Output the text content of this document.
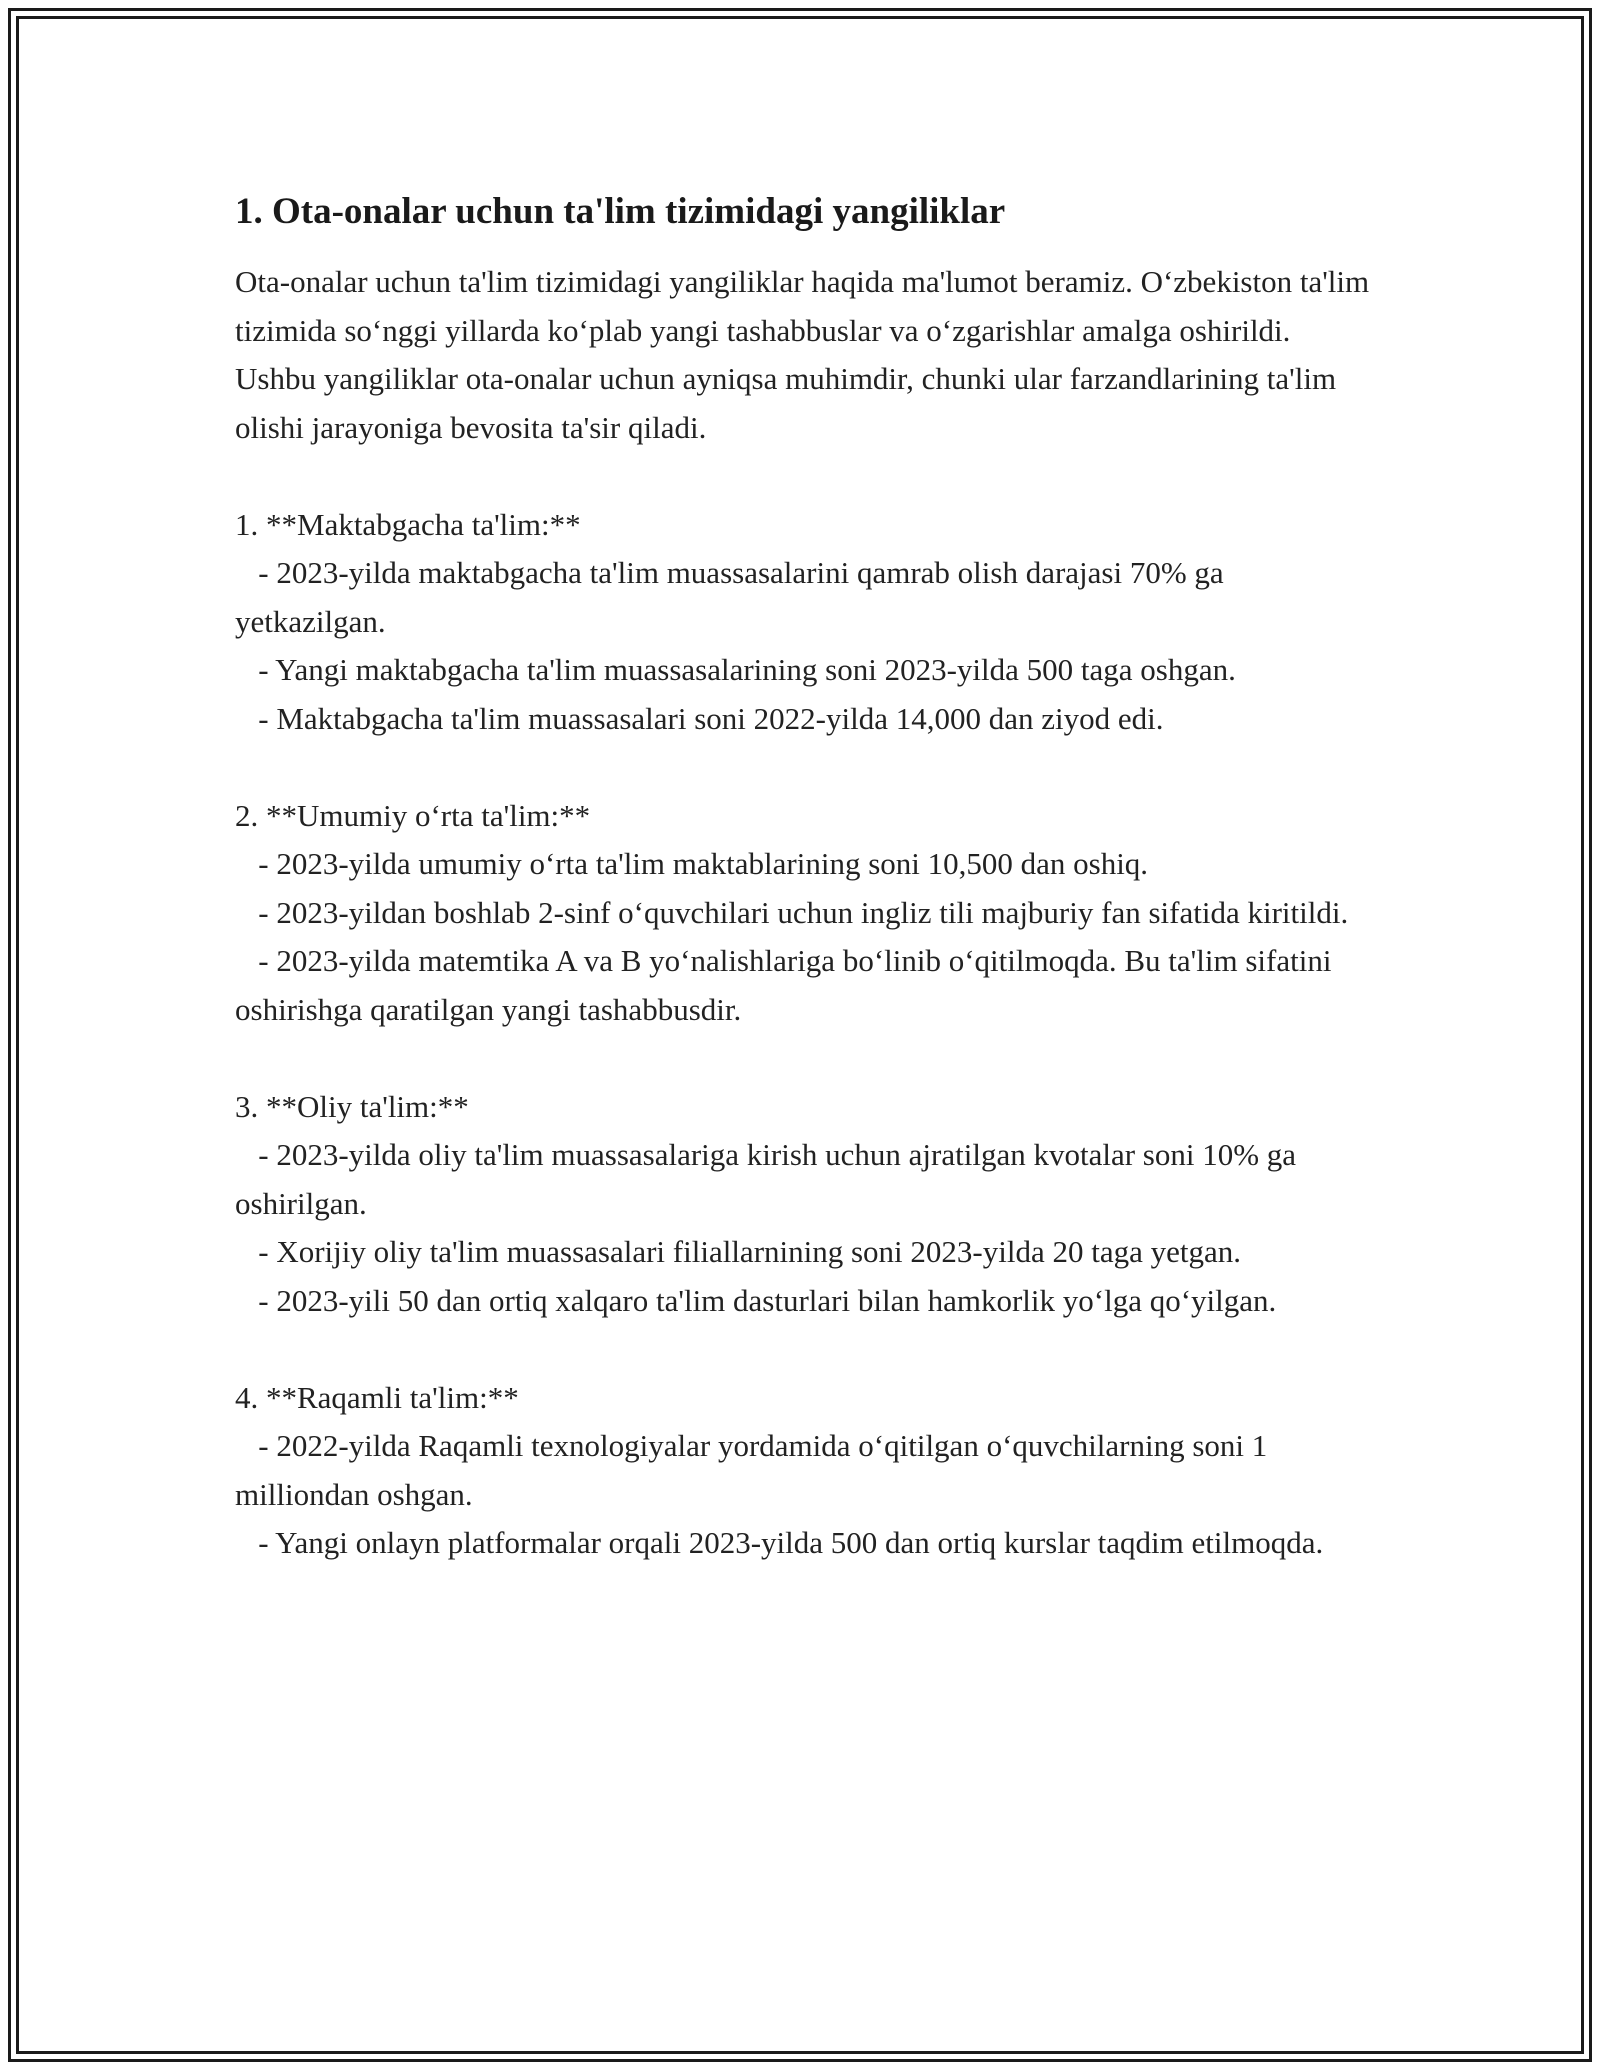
1. Ota-onalar uchun ta'lim tizimidagi yangiliklar

Ota-onalar uchun ta'lim tizimidagi yangiliklar haqida ma'lumot beramiz. O‘zbekiston ta'lim tizimida so‘nggi yillarda ko‘plab yangi tashabbuslar va o‘zgarishlar amalga oshirildi. Ushbu yangiliklar ota-onalar uchun ayniqsa muhimdir, chunki ular farzandlarining ta'lim olishi jarayoniga bevosita ta'sir qiladi.

1. **Maktabgacha ta'lim:**

- 2023-yilda maktabgacha ta'lim muassasalarini qamrab olish darajasi 70% ga yetkazilgan.

- Yangi maktabgacha ta'lim muassasalarining soni 2023-yilda 500 taga oshgan.

- Maktabgacha ta'lim muassasalari soni 2022-yilda 14,000 dan ziyod edi.

2. **Umumiy o‘rta ta'lim:**

- 2023-yilda umumiy o‘rta ta'lim maktablarining soni 10,500 dan oshiq.

- 2023-yildan boshlab 2-sinf o‘quvchilari uchun ingliz tili majburiy fan sifatida kiritildi.

- 2023-yilda matemtika A va B yo‘nalishlariga bo‘linib o‘qitilmoqda. Bu ta'lim sifatini oshirishga qaratilgan yangi tashabbusdir.

3. **Oliy ta'lim:**

- 2023-yilda oliy ta'lim muassasalariga kirish uchun ajratilgan kvotalar soni 10% ga oshirilgan.

- Xorijiy oliy ta'lim muassasalari filiallarnining soni 2023-yilda 20 taga yetgan.

- 2023-yili 50 dan ortiq xalqaro ta'lim dasturlari bilan hamkorlik yo‘lga qo‘yilgan.

4. **Raqamli ta'lim:**

- 2022-yilda Raqamli texnologiyalar yordamida o‘qitilgan o‘quvchilarning soni 1 milliondan oshgan.

- Yangi onlayn platformalar orqali 2023-yilda 500 dan ortiq kurslar taqdim etilmoqda.
